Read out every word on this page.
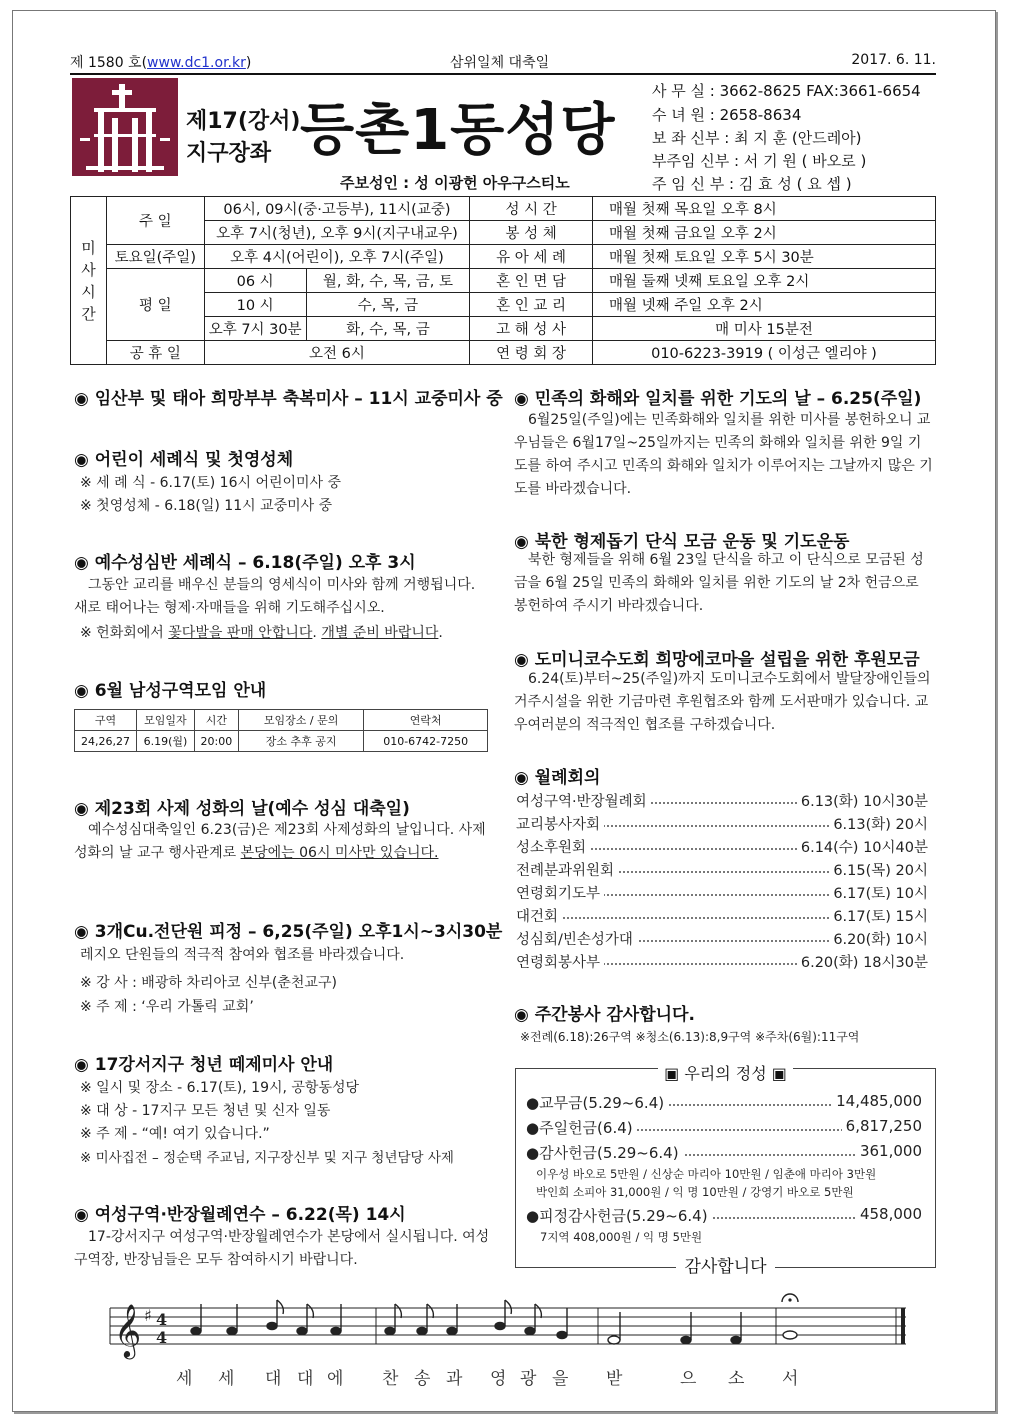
제 1580 호(www.dc1.or.kr)	삼위일체 대축일	2017. 6. 11.
제17(강서)
지구장좌 등촌1동성당
주보성인 : 성 이광헌 아우구스티노
사 무 실 : 3662-8625 FAX:3661-6654
수 녀 원 : 2658-8634
보 좌 신부 : 최 지 훈 (안드레아)
부주임 신부 : 서 기 원 ( 바오로 )
주 임 신 부 : 김 효 성 ( 요 셉 )
미사시간	주 일	06시, 09시(중·고등부), 11시(교중)		성 시 간	매월 첫째 목요일 오후 8시
		오후 7시(청년), 오후 9시(지구내교우)		봉 성 체	매월 첫째 금요일 오후 2시
	토요일(주일)	오후 4시(어린이), 오후 7시(주일)		유 아 세 례	매월 첫째 토요일 오후 5시 30분
	평 일	06 시	월, 화, 수, 목, 금, 토	혼 인 면 담	매월 둘째 넷째 토요일 오후 2시
		10 시	수, 목, 금	혼 인 교 리	매월 넷째 주일 오후 2시
		오후 7시 30분	화, 수, 목, 금	고 해 성 사	매 미사 15분전
	공 휴 일	오전 6시		연 령 회 장	010-6223-3919 ( 이성근 엘리야 )
◉ 임산부 및 태아 희망부부 축복미사 – 11시 교중미사 중
◉ 어린이 세례식 및 첫영성체
※ 세 례 식 - 6.17(토) 16시 어린이미사 중
※ 첫영성체 - 6.18(일) 11시 교중미사 중
◉ 예수성심반 세례식 – 6.18(주일) 오후 3시
그동안 교리를 배우신 분들의 영세식이 미사와 함께 거행됩니다. 새로 태어나는 형제·자매들을 위해 기도해주십시오.
※ 헌화회에서 꽃다발을 판매 안합니다. 개별 준비 바랍니다.
◉ 6월 남성구역모임 안내
구역	모임일자	시간	모임장소 / 문의	연락처
24,26,27	6.19(월)	20:00	장소 추후 공지	010-6742-7250
◉ 제23회 사제 성화의 날(예수 성심 대축일)
예수성심대축일인 6.23(금)은 제23회 사제성화의 날입니다. 사제 성화의 날 교구 행사관계로 본당에는 06시 미사만 있습니다.
◉ 3개Cu.전단원 피정 – 6,25(주일) 오후1시~3시30분
레지오 단원들의 적극적 참여와 협조를 바라겠습니다.
※ 강 사 : 배광하 차리아코 신부(춘천교구)
※ 주 제 : ‘우리 가톨릭 교회’
◉ 17강서지구 청년 떼제미사 안내
※ 일시 및 장소 - 6.17(토), 19시, 공항동성당
※ 대 상 - 17지구 모든 청년 및 신자 일동
※ 주 제 - “예! 여기 있습니다.”
※ 미사집전 – 정순택 주교님, 지구장신부 및 지구 청년담당 사제
◉ 여성구역·반장월례연수 – 6.22(목) 14시
17-강서지구 여성구역·반장월례연수가 본당에서 실시됩니다. 여성 구역장, 반장님들은 모두 참여하시기 바랍니다.
◉ 민족의 화해와 일치를 위한 기도의 날 – 6.25(주일)
6월25일(주일)에는 민족화해와 일치를 위한 미사를 봉헌하오니 교우님들은 6월17일~25일까지는 민족의 화해와 일치를 위한 9일 기도를 하여 주시고 민족의 화해와 일치가 이루어지는 그날까지 많은 기도를 바라겠습니다.
◉ 북한 형제돕기 단식 모금 운동 및 기도운동
북한 형제들을 위해 6월 23일 단식을 하고 이 단식으로 모금된 성금을 6월 25일 민족의 화해와 일치를 위한 기도의 날 2차 헌금으로 봉헌하여 주시기 바라겠습니다.
◉ 도미니코수도회 희망에코마을 설립을 위한 후원모금
6.24(토)부터~25(주일)까지 도미니코수도회에서 발달장애인들의 거주시설을 위한 기금마련 후원협조와 함께 도서판매가 있습니다. 교우여러분의 적극적인 협조를 구하겠습니다.
◉ 월례회의
여성구역·반장월례회	6.13(화) 10시30분
교리봉사자회	6.13(화) 20시
성소후원회	6.14(수) 10시40분
전례분과위원회	6.15(목) 20시
연령회기도부	6.17(토) 10시
대건회	6.17(토) 15시
성심회/빈손성가대	6.20(화) 10시
연령회봉사부	6.20(화) 18시30분
◉ 주간봉사 감사합니다.
※전례(6.18):26구역 ※청소(6.13):8,9구역 ※주차(6월):11구역
▣ 우리의 정성 ▣
●교무금(5.29~6.4)	14,485,000
●주일헌금(6.4)	6,817,250
●감사헌금(5.29~6.4)	361,000
이우성 바오로 5만원 / 신상순 마리아 10만원 / 임춘애 마리아 3만원
박인희 소피아 31,000원 / 익 명 10만원 / 강영기 바오로 5만원
●피정감사헌금(5.29~6.4)	458,000
7지역 408,000원 / 익 명 5만원
감사합니다
𝄞 ♯ 4
4
세 세 대 대 에 찬 송 과 영 광 을 받	으 소 서
